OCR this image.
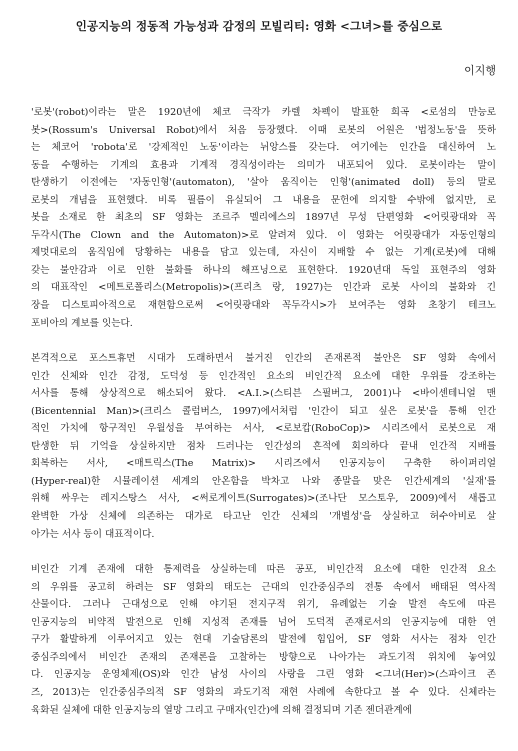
인공지능의 정동적 가능성과 감정의 모빌리티: 영화 <그녀>를 중심으로
이지행
'로봇'(robot)이라는 말은 1920년에 체코 극작가 카렐 차펙이 발표한 희곡 <로섬의 만능로
봇>(Rossum's Universal Robot)에서 처음 등장했다. 이때 로봇의 어원은 '법정노동'을 뜻하
는 체코어 'robota'로 '강제적인 노동'이라는 뉘앙스를 갖는다. 여기에는 인간을 대신하여 노
동을 수행하는 기계의 효용과 기계적 경직성이라는 의미가 내포되어 있다. 로봇이라는 말이
탄생하기 이전에는 '자동인형'(automaton), '살아 움직이는 인형'(animated doll) 등의 말로
로봇의 개념을 표현했다. 비록 필름이 유실되어 그 내용을 문헌에 의지할 수밖에 없지만, 로
봇을 소재로 한 최초의 SF 영화는 조르주 멜리에스의 1897년 무성 단편영화 <어릿광대와 꼭
두각시(The Clown and the Automaton)>로 알려져 있다. 이 영화는 어릿광대가 자동인형의
제멋대로의 움직임에 당황하는 내용을 담고 있는데, 자신이 지배할 수 없는 기계(로봇)에 대해
갖는 불안감과 이로 인한 불화를 하나의 해프닝으로 표현한다. 1920년대 독일 표현주의 영화
의 대표작인 <메트로폴리스(Metropolis)>(프리츠 랑, 1927)는 인간과 로봇 사이의 불화와 긴
장을 디스토피아적으로 재현함으로써 <어릿광대와 꼭두각시>가 보여주는 영화 초창기 테크노
포비아의 계보를 잇는다.
본격적으로 포스트휴먼 시대가 도래하면서 불거진 인간의 존재론적 불안은 SF 영화 속에서
인간 신체와 인간 감정, 도덕성 등 인간적인 요소의 비인간적 요소에 대한 우위를 강조하는
서사를 통해 상상적으로 해소되어 왔다. <A.I.>(스티븐 스필버그, 2001)나 <바이센테니얼 맨
(Bicentennial Man)>(크리스 콜럼버스, 1997)에서처럼 '인간이 되고 싶은 로봇'을 통해 인간
적인 가치에 항구적인 우월성을 부여하는 서사, <로보캅(RoboCop)> 시리즈에서 로봇으로 재
탄생한 뒤 기억을 상실하지만 점차 드러나는 인간성의 흔적에 회의하다 끝내 인간적 지배를
회복하는 서사, <매트릭스(The Matrix)> 시리즈에서 인공지능이 구축한 하이퍼리얼
(Hyper-real)한 시뮬레이션 세계의 안온함을 박차고 나와 종말을 맞은 인간세계의 '실재'를
위해 싸우는 레지스탕스 서사, <써로게이트(Surrogates)>(조나단 모스토우, 2009)에서 새롭고
완벽한 가상 신체에 의존하는 대가로 타고난 인간 신체의 '개별성'을 상실하고 허수아비로 살
아가는 서사 등이 대표적이다.
비인간 기계 존재에 대한 통제력을 상실하는데 따른 공포, 비인간적 요소에 대한 인간적 요소
의 우위를 공고히 하려는 SF 영화의 태도는 근대의 인간중심주의 전통 속에서 배태된 역사적
산물이다. 그러나 근대성으로 인해 야기된 전지구적 위기, 유례없는 기술 발전 속도에 따른
인공지능의 비약적 발전으로 인해 지성적 존재를 넘어 도덕적 존재로서의 인공지능에 대한 연
구가 활발하게 이루어지고 있는 현대 기술담론의 발전에 힘입어, SF 영화 서사는 점차 인간
중심주의에서 비인간 존재의 존재론을 고찰하는 방향으로 나아가는 과도기적 위치에 놓여있
다. 인공지능 운영체제(OS)와 인간 남성 사이의 사랑을 그린 영화 <그녀(Her)>(스파이크 존
즈, 2013)는 인간중심주의적 SF 영화의 과도기적 재현 사례에 속한다고 볼 수 있다. 신체라는
육화된 실체에 대한 인공지능의 열망 그리고 구매자(인간)에 의해 결정되며 기존 젠더관계에
